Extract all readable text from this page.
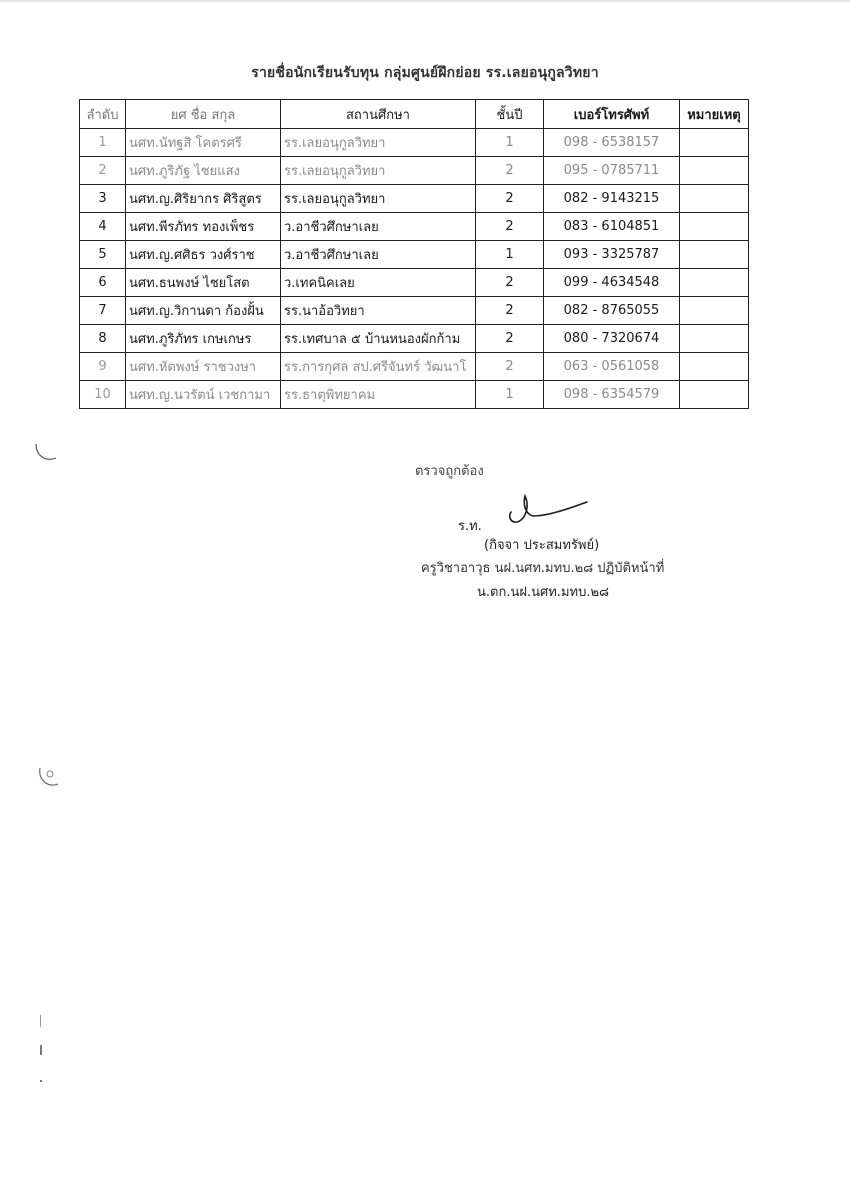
รายชื่อนักเรียนรับทุน กลุ่มศูนย์ฝึกย่อย รร.เลยอนุกูลวิทยา
ลำดับ	ยศ ชื่อ สกุล	สถานศึกษา	ชั้นปี	เบอร์โทรศัพท์	หมายเหตุ
1	นศท.นัทฐสิ โคตรศรี	รร.เลยอนุกูลวิทยา	1	098 - 6538157	
2	นศท.ภูริภัฐ ไชยแสง	รร.เลยอนุกูลวิทยา	2	095 - 0785711	
3	นศท.ญ.ศิริยากร ศิริสูตร	รร.เลยอนุกูลวิทยา	2	082 - 9143215	
4	นศท.พีรภัทร ทองเพ็ชร	ว.อาชีวศึกษาเลย	2	083 - 6104851	
5	นศท.ญ.ศศิธร วงศ์ราช	ว.อาชีวศึกษาเลย	1	093 - 3325787	
6	นศท.ธนพงษ์ ไชยโสต	ว.เทคนิคเลย	2	099 - 4634548	
7	นศท.ญ.วิกานดา ก้องฝั้น	รร.นาอ้อวิทยา	2	082 - 8765055	
8	นศท.ภูริภัทร เกษเกษร	รร.เทศบาล ๕ บ้านหนองผักก้าม	2	080 - 7320674	
9	นศท.หัตพงษ์ ราชวงษา	รร.การกุศล สป.ศรีจันทร์ วัฒนาโ	2	063 - 0561058	
10	นศท.ญ.นวรัตน์ เวชกามา	รร.ธาตุพิทยาคม	1	098 - 6354579	
ตรวจถูกต้อง
ร.ท.
(กิจจา ประสมทรัพย์)
ครูวิชาอาวุธ นฝ.นศท.มทบ.๒๘ ปฏิบัติหน้าที่
น.ตก.นฝ.นศท.มทบ.๒๘
